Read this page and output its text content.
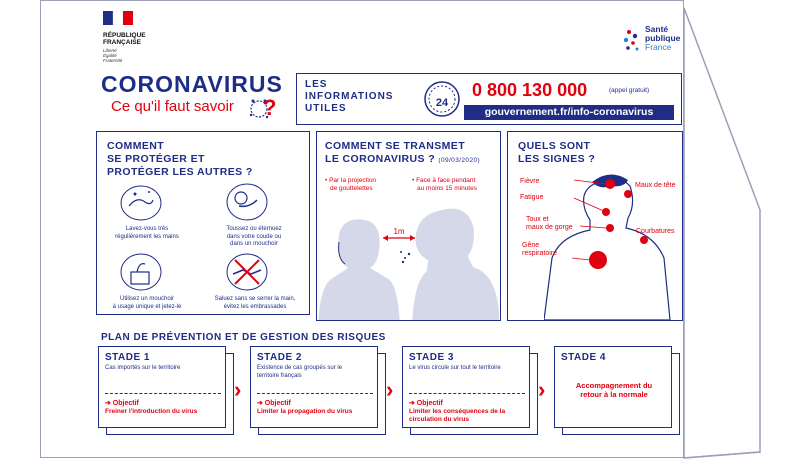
RÉPUBLIQUE
FRANÇAISE
Liberté
Égalité
Fraternité
Santé
publique
France
CORONAVIRUS
Ce qu'il faut savoir	?
LES
INFORMATIONS
UTILES	24
0 800 130 000	(appel gratuit)
gouvernement.fr/info-coronavirus
COMMENT
SE PROTÉGER ET
PROTÉGER LES AUTRES ?
Lavez-vous très
régulièrement les mains
Toussez ou éternuez
dans votre coude ou
dans un mouchoir
Utilisez un mouchoir
à usage unique et jetez-le
Saluez sans se serrer la main,
évitez les embrassades
COMMENT SE TRANSMET
LE CORONAVIRUS ? (09/03/2020)
• Par la projection
de gouttelettes
• Face à face pendant
au moins 15 minutes
1m
QUELS SONT
LES SIGNES ?
Fièvre
Fatigue
Maux de tête
Toux et
maux de gorge
Courbatures
Gêne
respiratoire
PLAN DE PRÉVENTION ET DE GESTION DES RISQUES
STADE 1
Cas importés sur le territoire
➔ Objectif
Freiner l'introduction du virus
›
STADE 2
Existence de cas groupés sur le
territoire français
➔ Objectif
Limiter la propagation du virus
›
STADE 3
Le virus circule sur tout le territoire
➔ Objectif
Limiter les conséquences de la
circulation du virus
›
STADE 4
Accompagnement du
retour à la normale
